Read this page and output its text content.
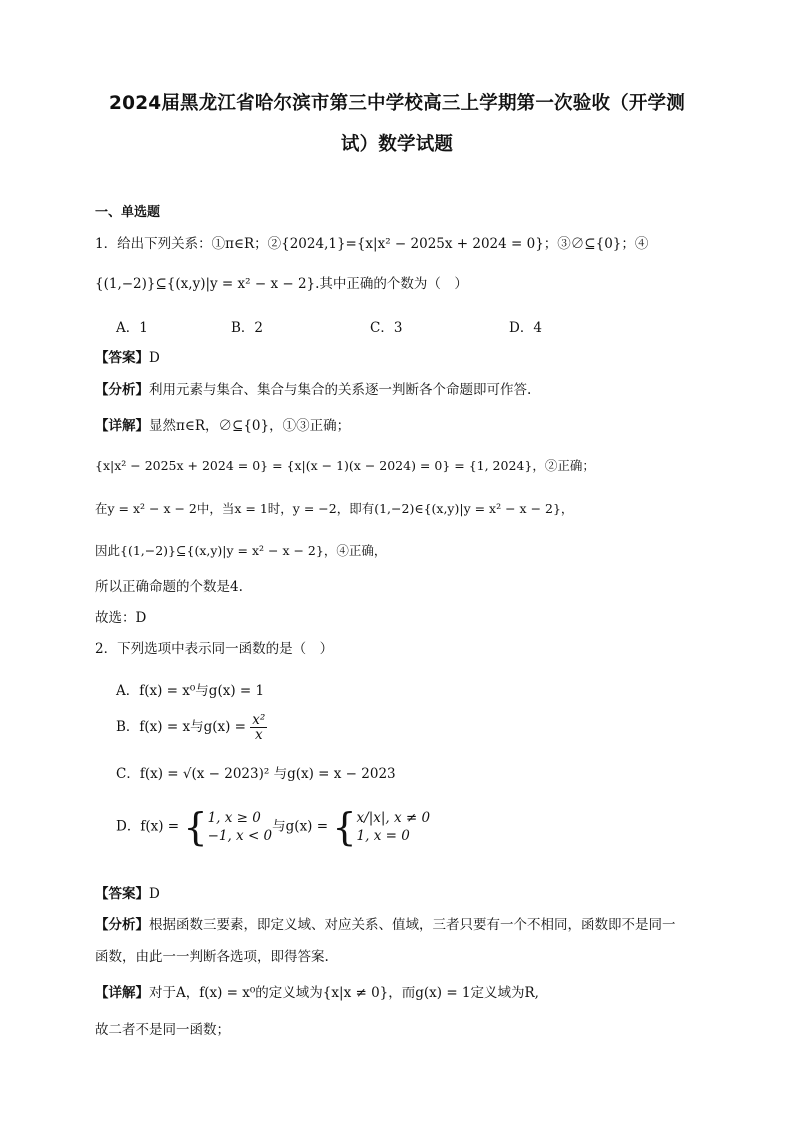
2024届黑龙江省哈尔滨市第三中学校高三上学期第一次验收（开学测
试）数学试题
一、单选题
1．给出下列关系：①π∈R；②{2024,1}={x|x² − 2025x + 2024 = 0}；③∅⊆{0}；④
{(1,−2)}⊆{(x,y)|y = x² − x − 2}.其中正确的个数为（　）
A．1	B．2	C．3	D．4
【答案】D
【分析】利用元素与集合、集合与集合的关系逐一判断各个命题即可作答.
【详解】显然π∈R，∅⊆{0}，①③正确；
{x|x² − 2025x + 2024 = 0} = {x|(x − 1)(x − 2024) = 0} = {1, 2024}，②正确；
在y = x² − x − 2中，当x = 1时，y = −2，即有(1,−2)∈{(x,y)|y = x² − x − 2}，
因此{(1,−2)}⊆{(x,y)|y = x² − x − 2}，④正确，
所以正确命题的个数是4.
故选：D
2．下列选项中表示同一函数的是（　）
A．f(x) = x⁰与g(x) = 1
B．f(x) = x与$g(x) = \frac{\text{x²}}{x}$
C．f(x) = √(x − 2023)² 与g(x) = x − 2023
D．f(x) = { 1, x ≥ 0
−1, x < 0
与g(x) = { x/|x|, x ≠ 0
1, x = 0
【答案】D
【分析】根据函数三要素，即定义域、对应关系、值域，三者只要有一个不相同，函数即不是同一
函数，由此一一判断各选项，即得答案.
【详解】对于A，f(x) = x⁰的定义域为{x|x ≠ 0}，而g(x) = 1定义域为R,
故二者不是同一函数；
